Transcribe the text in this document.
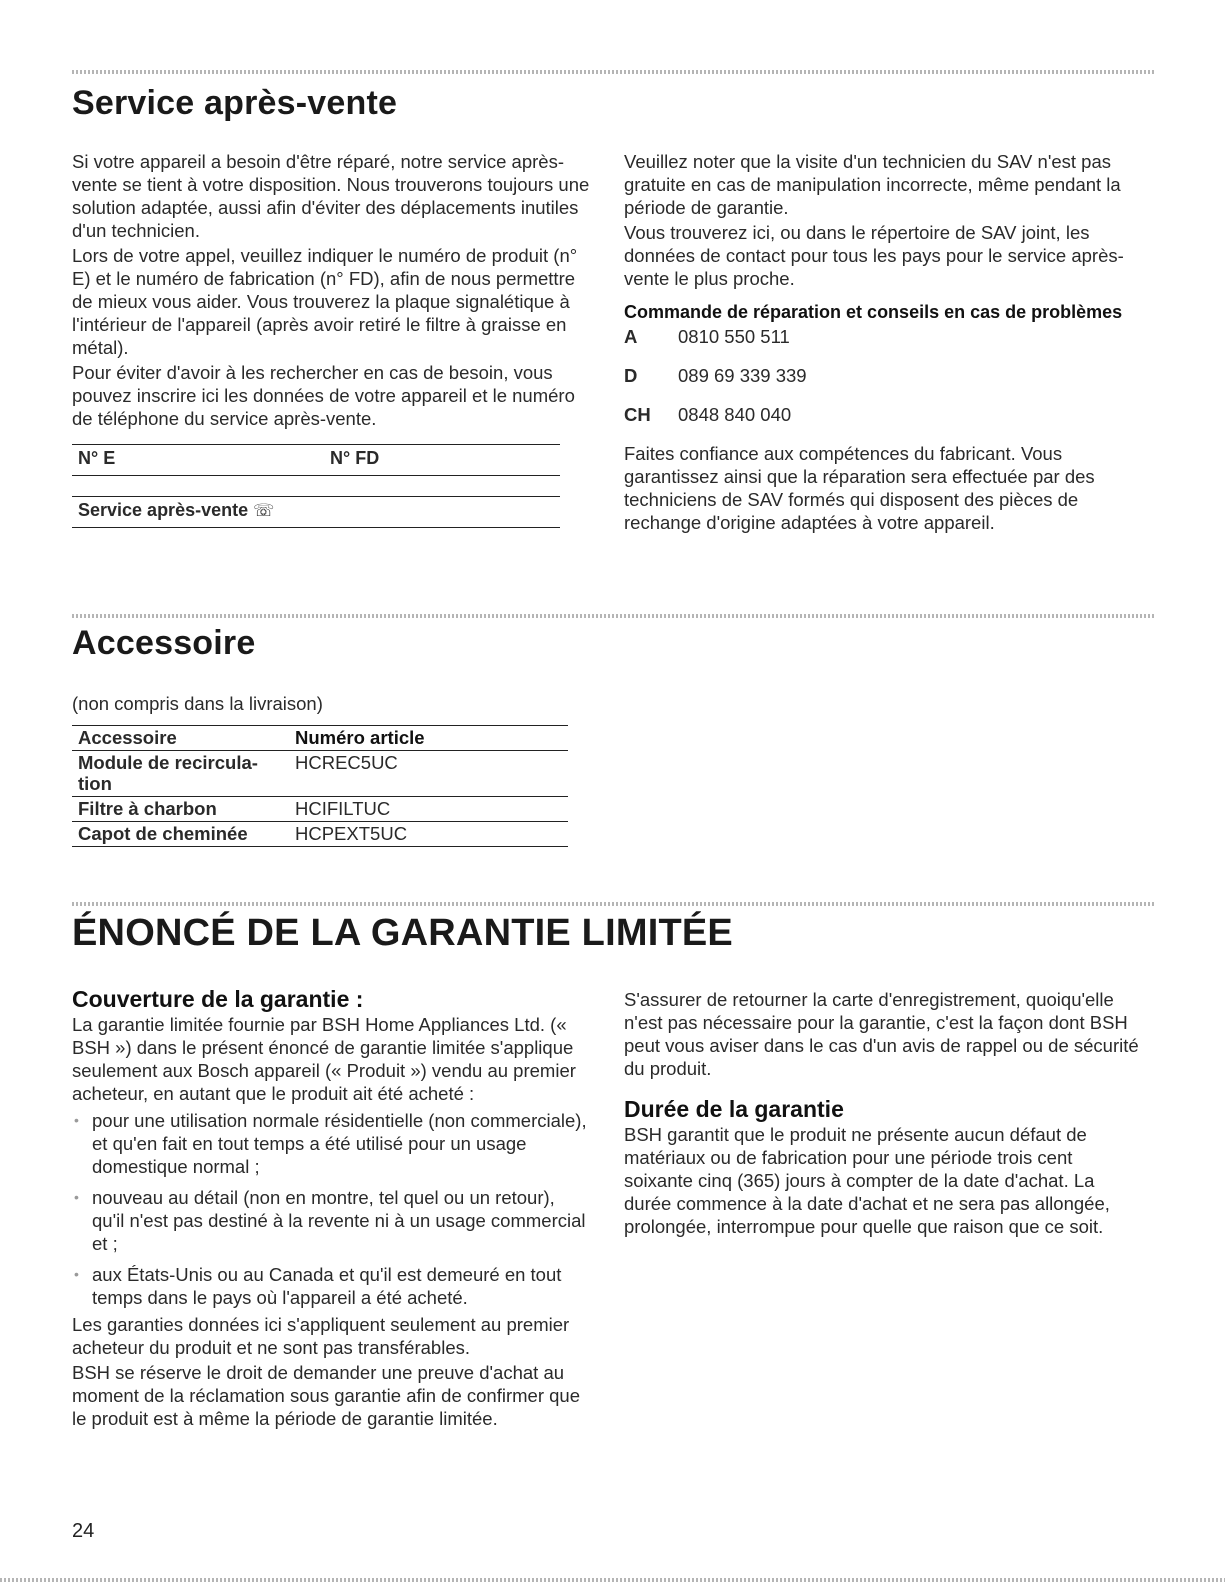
Service après-vente

Si votre appareil a besoin d'être réparé, notre service après-vente se tient à votre disposition. Nous trouverons toujours une solution adaptée, aussi afin d'éviter des déplacements inutiles d'un technicien.

Lors de votre appel, veuillez indiquer le numéro de produit (n° E) et le numéro de fabrication (n° FD), afin de nous permettre de mieux vous aider. Vous trouverez la plaque signalétique à l'intérieur de l'appareil (après avoir retiré le filtre à graisse en métal).

Pour éviter d'avoir à les rechercher en cas de besoin, vous pouvez inscrire ici les données de votre appareil et le numéro de téléphone du service après-vente.

N° E	N° FD
Service après-vente ☏

Veuillez noter que la visite d'un technicien du SAV n'est pas gratuite en cas de manipulation incorrecte, même pendant la période de garantie.

Vous trouverez ici, ou dans le répertoire de SAV joint, les données de contact pour tous les pays pour le service après-vente le plus proche.

Commande de réparation et conseils en cas de problèmes

A	0810 550 511
D	089 69 339 339
CH	0848 840 040

Faites confiance aux compétences du fabricant. Vous garantissez ainsi que la réparation sera effectuée par des techniciens de SAV formés qui disposent des pièces de rechange d'origine adaptées à votre appareil.

Accessoire

(non compris dans la livraison)

Accessoire	Numéro article
Module de recircula-
tion	HCREC5UC
Filtre à charbon	HCIFILTUC
Capot de cheminée	HCPEXT5UC
ÉNONCÉ DE LA GARANTIE LIMITÉE

Couverture de la garantie :

La garantie limitée fournie par BSH Home Appliances Ltd. (« BSH ») dans le présent énoncé de garantie limitée s'applique seulement aux Bosch appareil (« Produit ») vendu au premier acheteur, en autant que le produit ait été acheté :

• pour une utilisation normale résidentielle (non commerciale), et qu'en fait en tout temps a été utilisé pour un usage domestique normal ;
• nouveau au détail (non en montre, tel quel ou un retour), qu'il n'est pas destiné à la revente ni à un usage commercial et ;
• aux États-Unis ou au Canada et qu'il est demeuré en tout temps dans le pays où l'appareil a été acheté.

Les garanties données ici s'appliquent seulement au premier acheteur du produit et ne sont pas transférables.

BSH se réserve le droit de demander une preuve d'achat au moment de la réclamation sous garantie afin de confirmer que le produit est à même la période de garantie limitée.

S'assurer de retourner la carte d'enregistrement, quoiqu'elle n'est pas nécessaire pour la garantie, c'est la façon dont BSH peut vous aviser dans le cas d'un avis de rappel ou de sécurité du produit.

Durée de la garantie

BSH garantit que le produit ne présente aucun défaut de matériaux ou de fabrication pour une période trois cent soixante cinq (365) jours à compter de la date d'achat. La durée commence à la date d'achat et ne sera pas allongée, prolongée, interrompue pour quelle que raison que ce soit.

24
